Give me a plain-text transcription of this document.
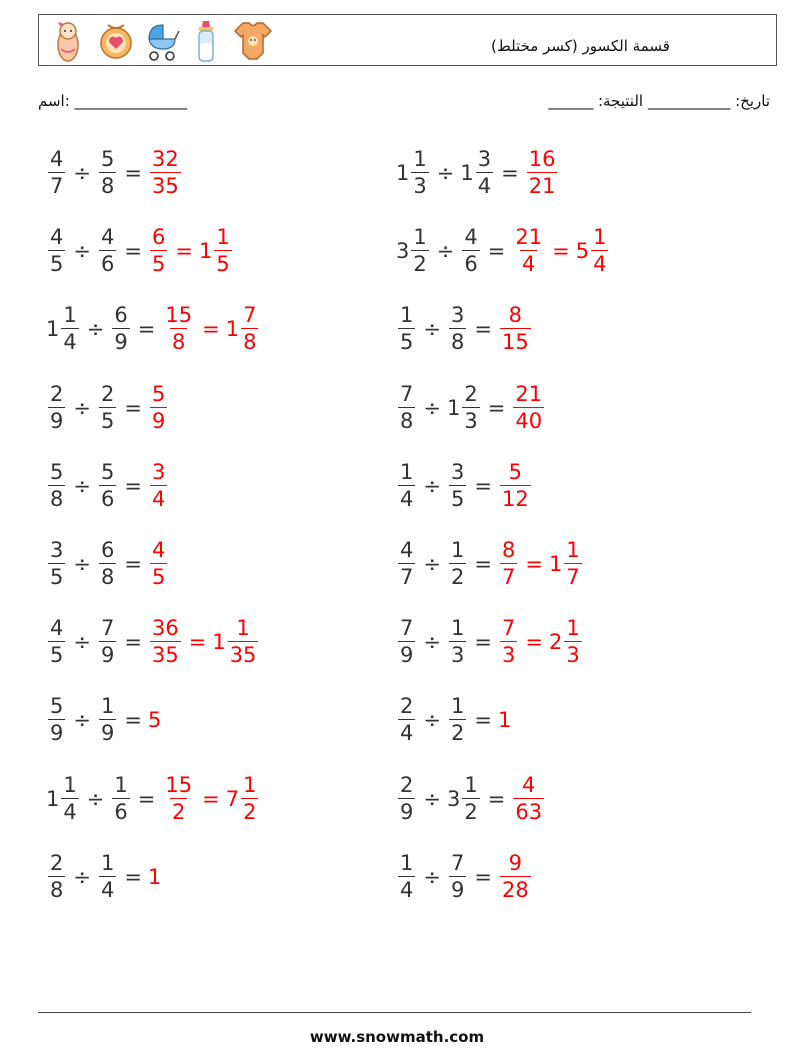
قسمة الكسور (كسر مختلط)
اسم: _______________	______ :تاريخ: ___________ النتيجة
$\frac{4}{7} \div \frac{5}{8} = \frac{32}{35}$	$1 \frac{1}{3} \div 1 \frac{3}{4} = \frac{16}{21}$
$\frac{4}{5} \div \frac{4}{6} = \frac{6}{5} = 1 \frac{1}{5}$	$3 \frac{1}{2} \div \frac{4}{6} = \frac{21}{4} = 5 \frac{1}{4}$
$1 \frac{1}{4} \div \frac{6}{9} = \frac{15}{8} = 1 \frac{7}{8}$	$\frac{1}{5} \div \frac{3}{8} = \frac{8}{15}$
$\frac{2}{9} \div \frac{2}{5} = \frac{5}{9}$	$\frac{7}{8} \div 1 \frac{2}{3} = \frac{21}{40}$
$\frac{5}{8} \div \frac{5}{6} = \frac{3}{4}$	$\frac{1}{4} \div \frac{3}{5} = \frac{5}{12}$
$\frac{3}{5} \div \frac{6}{8} = \frac{4}{5}$	$\frac{4}{7} \div \frac{1}{2} = \frac{8}{7} = 1 \frac{1}{7}$
$\frac{4}{5} \div \frac{7}{9} = \frac{36}{35} = 1 \frac{1}{35}$	$\frac{7}{9} \div \frac{1}{3} = \frac{7}{3} = 2 \frac{1}{3}$
$\frac{5}{9} \div \frac{1}{9} = 5$	$\frac{2}{4} \div \frac{1}{2} = 1$
$1 \frac{1}{4} \div \frac{1}{6} = \frac{15}{2} = 7 \frac{1}{2}$	$\frac{2}{9} \div 3 \frac{1}{2} = \frac{4}{63}$
$\frac{2}{8} \div \frac{1}{4} = 1$	$\frac{1}{4} \div \frac{7}{9} = \frac{9}{28}$
www.snowmath.com
